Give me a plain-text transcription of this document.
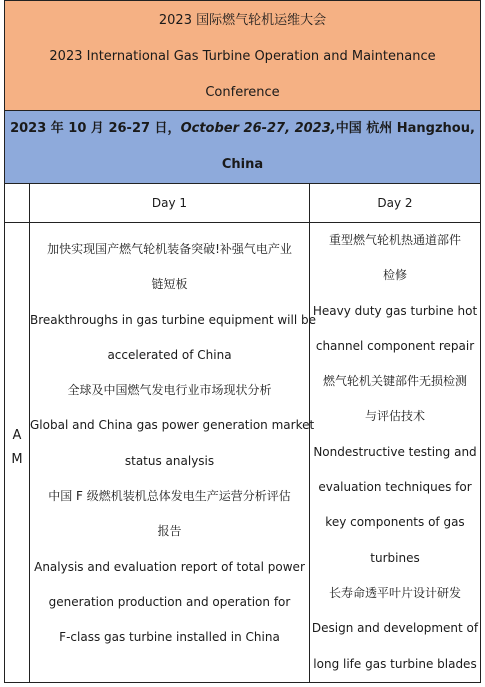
2023 国际燃气轮机运维大会
2023 International Gas Turbine Operation and Maintenance
Conference
2023 年 10 月 26-27 日，October 26-27, 2023,中国 杭州 Hangzhou,
China
A
M
Day 1
加快实现国产燃气轮机装备突破!补强气电产业
链短板
Breakthroughs in gas turbine equipment will be
accelerated of China
全球及中国燃气发电行业市场现状分析
Global and China gas power generation market
status analysis
中国 F 级燃机装机总体发电生产运营分析评估
报告
Analysis and evaluation report of total power
generation production and operation for
F-class gas turbine installed in China
Day 2
重型燃气轮机热通道部件
检修
Heavy duty gas turbine hot
channel component repair
燃气轮机关键部件无损检测
与评估技术
Nondestructive testing and
evaluation techniques for
key components of gas
turbines
长寿命透平叶片设计研发
Design and development of
long life gas turbine blades
